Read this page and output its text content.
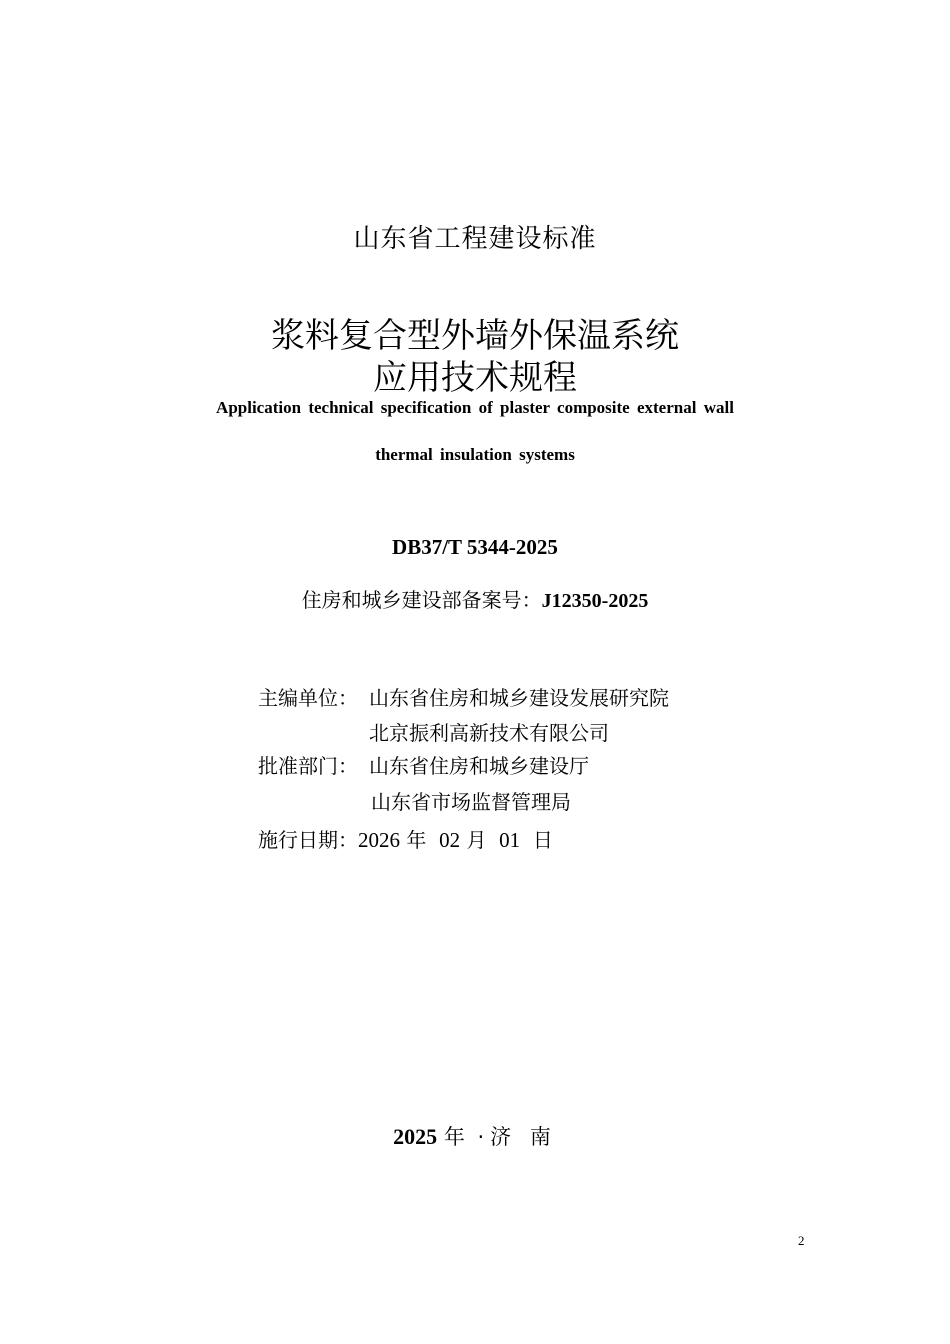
山东省工程建设标准
浆料复合型外墙外保温系统
应用技术规程
Application technical specification of plaster composite external wall
thermal insulation systems
DB37/T 5344-2025
住房和城乡建设部备案号：J12350-2025
主编单位： 山东省住房和城乡建设发展研究院
北京振利高新技术有限公司
批准部门： 山东省住房和城乡建设厅
山东省市场监督管理局
施行日期：2026 年 02 月 01 日
2025 年 ·济 南
2
